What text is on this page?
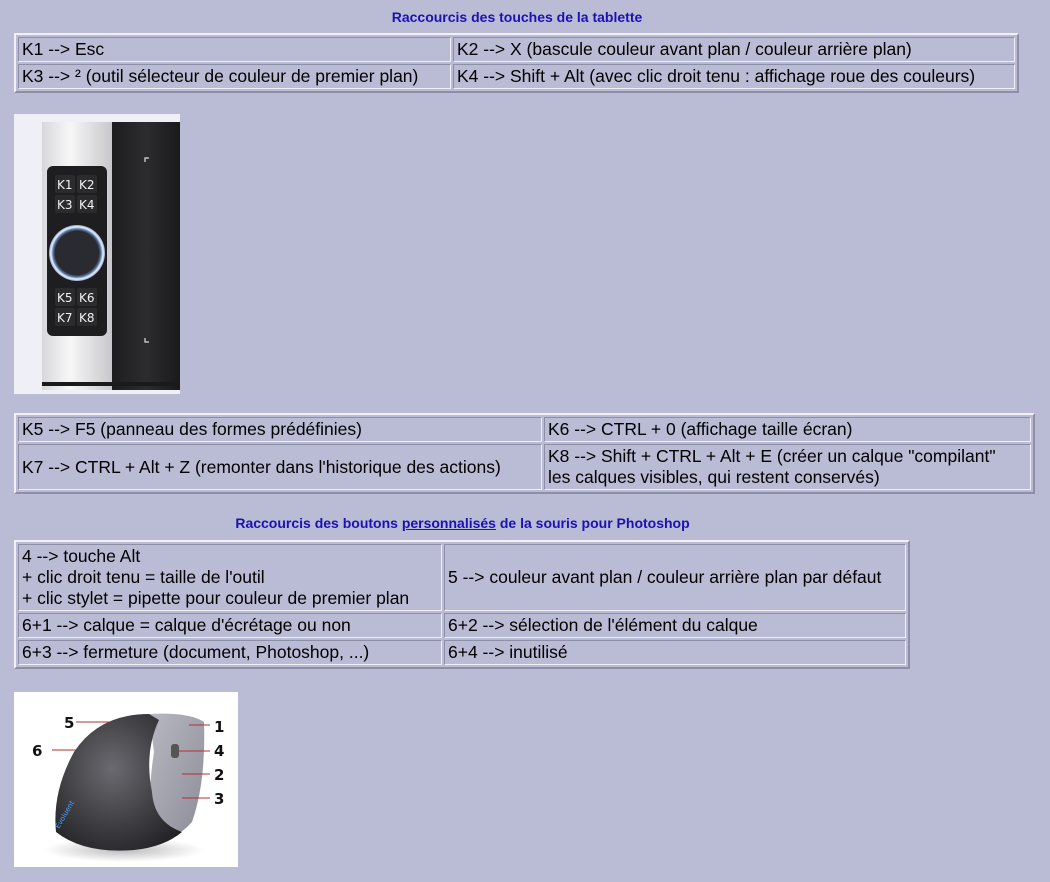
Raccourcis des touches de la tablette
K1 --> Esc	K2 --> X (bascule couleur avant plan / couleur arrière plan)
K3 --> ² (outil sélecteur de couleur de premier plan)	K4 --> Shift + Alt (avec clic droit tenu : affichage roue des couleurs)
K1 K2
K3 K4
K5 K6
K7 K8
K5 --> F5 (panneau des formes prédéfinies)	K6 --> CTRL + 0 (affichage taille écran)
K7 --> CTRL + Alt + Z (remonter dans l'historique des actions)	K8 --> Shift + CTRL + Alt + E (créer un calque "compilant"
les calques visibles, qui restent conservés)
Raccourcis des boutons personnalisés de la souris pour Photoshop
4 --> touche Alt
+ clic droit tenu = taille de l'outil
+ clic stylet = pipette pour couleur de premier plan	5 --> couleur avant plan / couleur arrière plan par défaut
6+1 --> calque = calque d'écrétage ou non	6+2 --> sélection de l'élément du calque
6+3 --> fermeture (document, Photoshop, ...)	6+4 --> inutilisé
Evoluent
5
6
1
4
2
3
